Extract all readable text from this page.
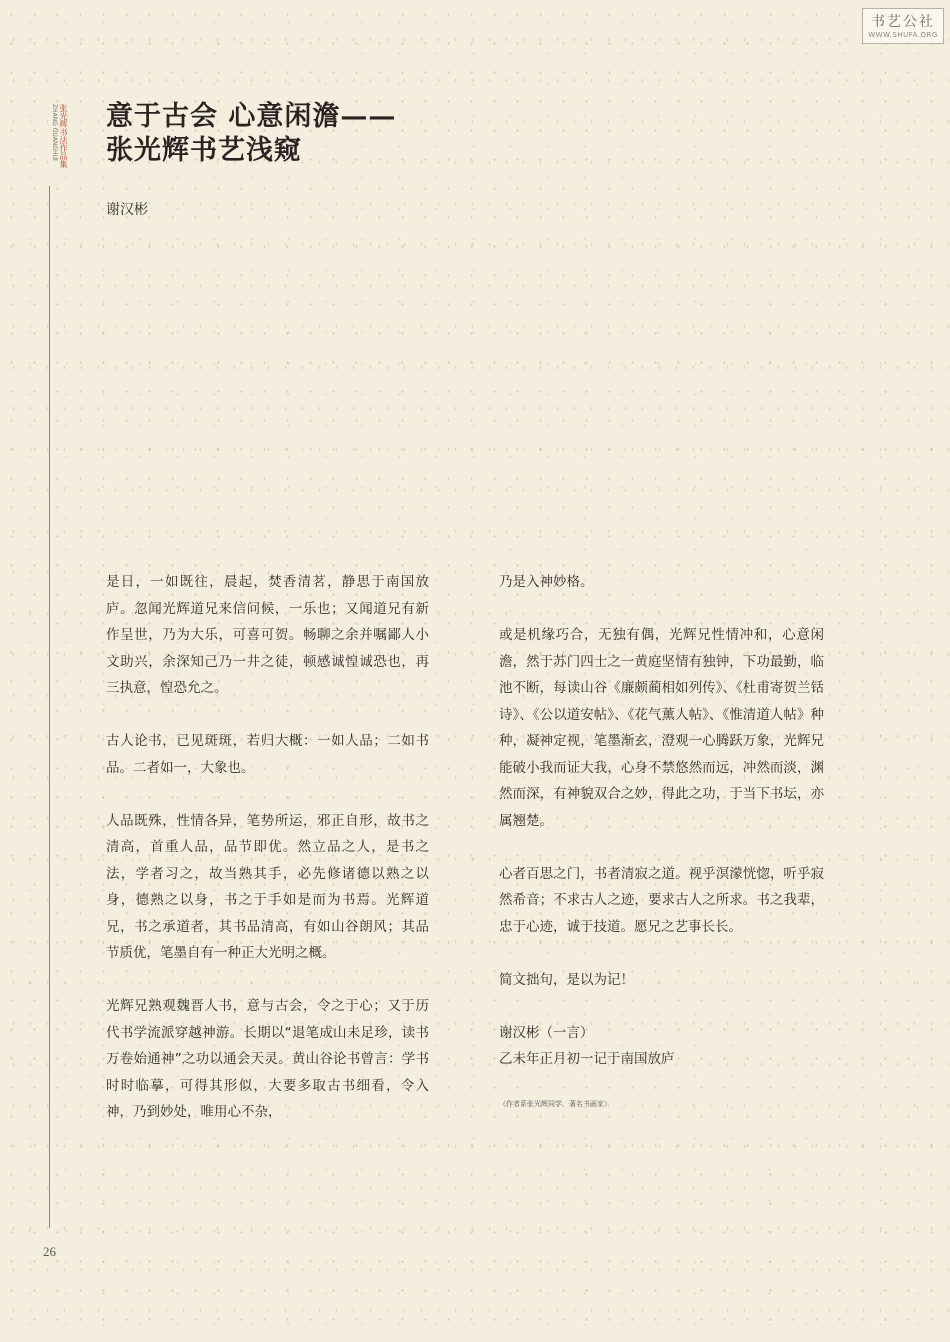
书艺公社
WWW.SHUFA.ORG
张光辉书法作品集
ZHANG GUANGHUI
26
意于古会 心意闲澹——
张光辉书艺浅窥
谢汉彬

是日，一如既往，晨起，焚香清茗，静思于南国放庐。忽闻光辉道兄来信问候，一乐也；又闻道兄有新作呈世，乃为大乐，可喜可贺。畅聊之余并嘱鄙人小文助兴，余深知己乃一井之徒，顿感诚惶诚恐也，再三执意，惶恐允之。

古人论书，已见斑斑，若归大概：一如人品；二如书品。二者如一，大象也。

人品既殊，性情各异，笔势所运，邪正自形，故书之清高，首重人品，品节即优。然立品之人，是书之法，学者习之，故当熟其手，必先修诸德以熟之以身，德熟之以身，书之于手如是而为书焉。光辉道兄，书之承道者，其书品清高，有如山谷朗风；其品节质优，笔墨自有一种正大光明之概。

光辉兄熟观魏晋人书，意与古会，令之于心；又于历代书学流派穿越神游。长期以“退笔成山未足珍，读书万卷始通神”之功以通会天灵。黄山谷论书曾言：学书时时临摹，可得其形似，大要多取古书细看，令入神，乃到妙处，唯用心不杂，

乃是入神妙格。

或是机缘巧合，无独有偶，光辉兄性情冲和，心意闲澹，然于苏门四士之一黄庭坚情有独钟，下功最勤，临池不断，每读山谷《廉颇蔺相如列传》、《杜甫寄贺兰铦诗》、《公以道安帖》、《花气薰人帖》、《惟清道人帖》种种，凝神定视，笔墨渐玄，澄观一心腾跃万象，光辉兄能破小我而证大我，心身不禁悠然而远，冲然而淡，渊然而深，有神貌双合之妙，得此之功，于当下书坛，亦属翘楚。

心者百思之门，书者清寂之道。视乎溟濛恍惚，听乎寂然希音；不求古人之迹，要求古人之所求。书之我辈，忠于心迹，诚于技道。愿兄之艺事长长。

简文拙句，是以为记！

谢汉彬（一言）

乙未年正月初一记于南国放庐

（作者系张光辉同学、著名书画家）
